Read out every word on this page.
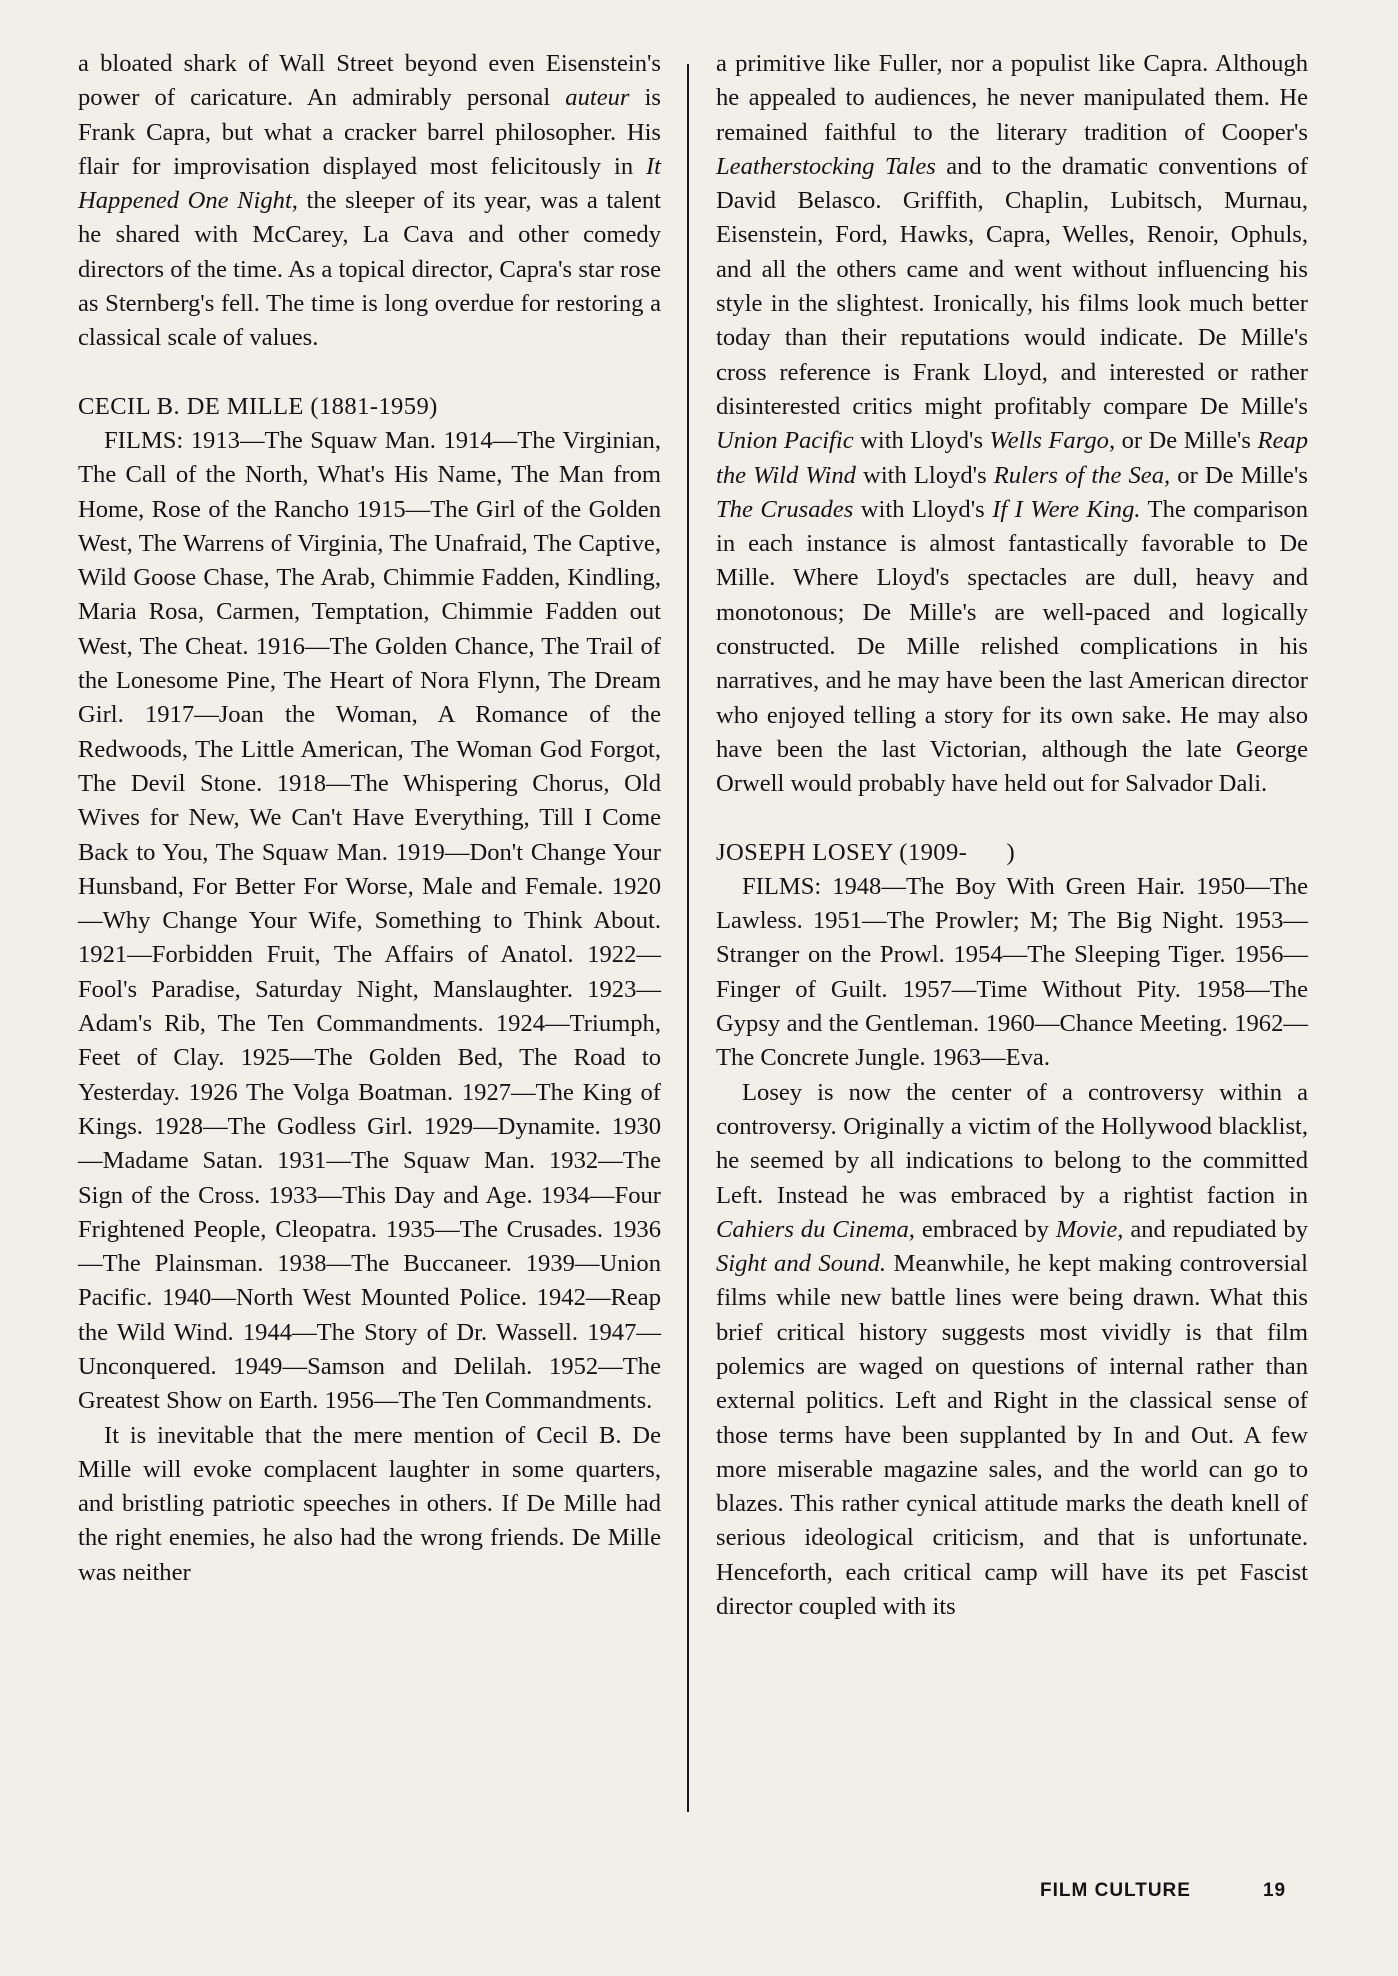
a bloated shark of Wall Street beyond even Eisenstein's power of caricature. An admirably personal auteur is Frank Capra, but what a cracker barrel philosopher. His flair for improvisation displayed most felicitously in It Happened One Night, the sleeper of its year, was a talent he shared with McCarey, La Cava and other comedy directors of the time. As a topical director, Capra's star rose as Sternberg's fell. The time is long overdue for restoring a classical scale of values.

CECIL B. DE MILLE (1881-1959)

FILMS: 1913—The Squaw Man. 1914—The Virginian, The Call of the North, What's His Name, The Man from Home, Rose of the Rancho 1915—The Girl of the Golden West, The Warrens of Virginia, The Unafraid, The Captive, Wild Goose Chase, The Arab, Chimmie Fadden, Kindling, Maria Rosa, Carmen, Temptation, Chimmie Fadden out West, The Cheat. 1916—The Golden Chance, The Trail of the Lonesome Pine, The Heart of Nora Flynn, The Dream Girl. 1917—Joan the Woman, A Romance of the Redwoods, The Little American, The Woman God Forgot, The Devil Stone. 1918—The Whispering Chorus, Old Wives for New, We Can't Have Everything, Till I Come Back to You, The Squaw Man. 1919—Don't Change Your Hunsband, For Better For Worse, Male and Female. 1920—Why Change Your Wife, Something to Think About. 1921—Forbidden Fruit, The Affairs of Anatol. 1922—Fool's Paradise, Saturday Night, Manslaughter. 1923—Adam's Rib, The Ten Commandments. 1924—Triumph, Feet of Clay. 1925—The Golden Bed, The Road to Yesterday. 1926 The Volga Boatman. 1927—The King of Kings. 1928—The Godless Girl. 1929—Dynamite. 1930—Madame Satan. 1931—The Squaw Man. 1932—The Sign of the Cross. 1933—This Day and Age. 1934—Four Frightened People, Cleopatra. 1935—The Crusades. 1936—The Plainsman. 1938—The Buccaneer. 1939—Union Pacific. 1940—North West Mounted Police. 1942—Reap the Wild Wind. 1944—The Story of Dr. Wassell. 1947—Unconquered. 1949—Samson and Delilah. 1952—The Greatest Show on Earth. 1956—The Ten Commandments.

It is inevitable that the mere mention of Cecil B. De Mille will evoke complacent laughter in some quarters, and bristling patriotic speeches in others. If De Mille had the right enemies, he also had the wrong friends. De Mille was neither

a primitive like Fuller, nor a populist like Capra. Although he appealed to audiences, he never manipulated them. He remained faithful to the literary tradition of Cooper's Leatherstocking Tales and to the dramatic conventions of David Belasco. Griffith, Chaplin, Lubitsch, Murnau, Eisenstein, Ford, Hawks, Capra, Welles, Renoir, Ophuls, and all the others came and went without influencing his style in the slightest. Ironically, his films look much better today than their reputations would indicate. De Mille's cross reference is Frank Lloyd, and interested or rather disinterested critics might profitably compare De Mille's Union Pacific with Lloyd's Wells Fargo, or De Mille's Reap the Wild Wind with Lloyd's Rulers of the Sea, or De Mille's The Crusades with Lloyd's If I Were King. The comparison in each instance is almost fantastically favorable to De Mille. Where Lloyd's spectacles are dull, heavy and monotonous; De Mille's are well-paced and logically constructed. De Mille relished complications in his narratives, and he may have been the last American director who enjoyed telling a story for its own sake. He may also have been the last Victorian, although the late George Orwell would probably have held out for Salvador Dali.

JOSEPH LOSEY (1909-      )

FILMS: 1948—The Boy With Green Hair. 1950—The Lawless. 1951—The Prowler; M; The Big Night. 1953—Stranger on the Prowl. 1954—The Sleeping Tiger. 1956—Finger of Guilt. 1957—Time Without Pity. 1958—The Gypsy and the Gentleman. 1960—Chance Meeting. 1962—The Concrete Jungle. 1963—Eva.

Losey is now the center of a controversy within a controversy. Originally a victim of the Hollywood blacklist, he seemed by all indications to belong to the committed Left. Instead he was embraced by a rightist faction in Cahiers du Cinema, embraced by Movie, and repudiated by Sight and Sound. Meanwhile, he kept making controversial films while new battle lines were being drawn. What this brief critical history suggests most vividly is that film polemics are waged on questions of internal rather than external politics. Left and Right in the classical sense of those terms have been supplanted by In and Out. A few more miserable magazine sales, and the world can go to blazes. This rather cynical attitude marks the death knell of serious ideological criticism, and that is unfortunate. Henceforth, each critical camp will have its pet Fascist director coupled with its

FILM CULTURE	19
